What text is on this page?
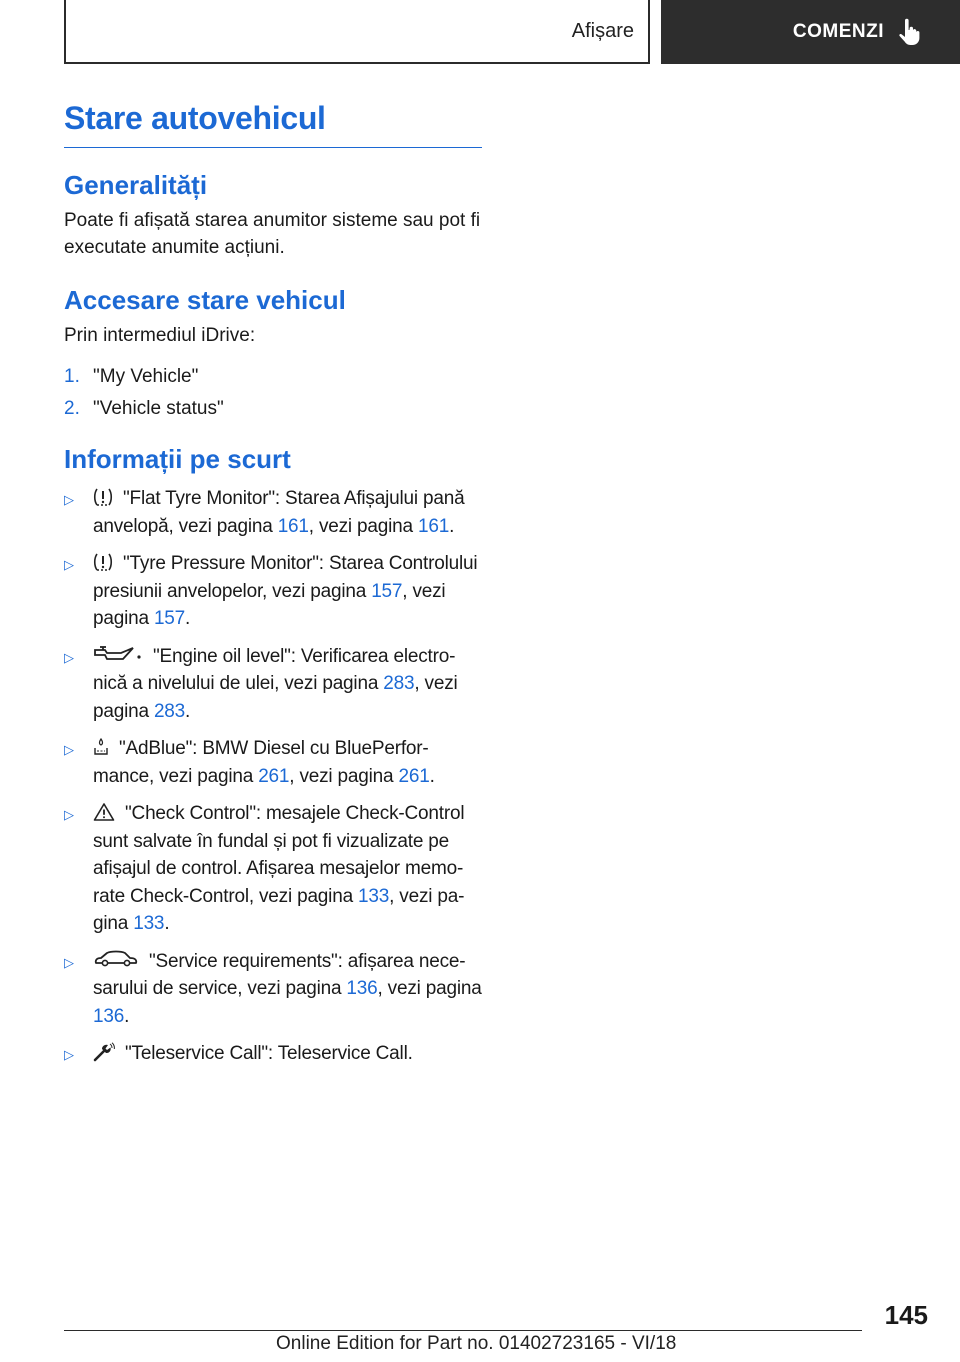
Afișare	COMENZI
Stare autovehicul
Generalități

Poate fi afișată starea anumitor sisteme sau pot fi executate anumite acțiuni.

Accesare stare vehicul

Prin intermediul iDrive:

1. "My Vehicle"
2. "Vehicle status"
Informații pe scurt
▷	"Flat Tyre Monitor": Starea Afișajului pană anvelopă, vezi pagina 161, vezi pagina 161.
▷	"Tyre Pressure Monitor": Starea Controlului presiunii anvelopelor, vezi pagina 157, vezi pagina 157.
▷	"Engine oil level": Verificarea electronică a nivelului de ulei, vezi pagina 283, vezi pagina 283.
▷	"AdBlue": BMW Diesel cu BluePerformance, vezi pagina 261, vezi pagina 261.
▷	"Check Control": mesajele Check-Control sunt salvate în fundal și pot fi vizualizate pe afișajul de control. Afișarea mesajelor memorate Check-Control, vezi pagina 133, vezi pagina 133.
▷	"Service requirements": afișarea necesarului de service, vezi pagina 136, vezi pagina 136.
▷	"Teleservice Call": Teleservice Call.
145
Online Edition for Part no. 01402723165 - VI/18
